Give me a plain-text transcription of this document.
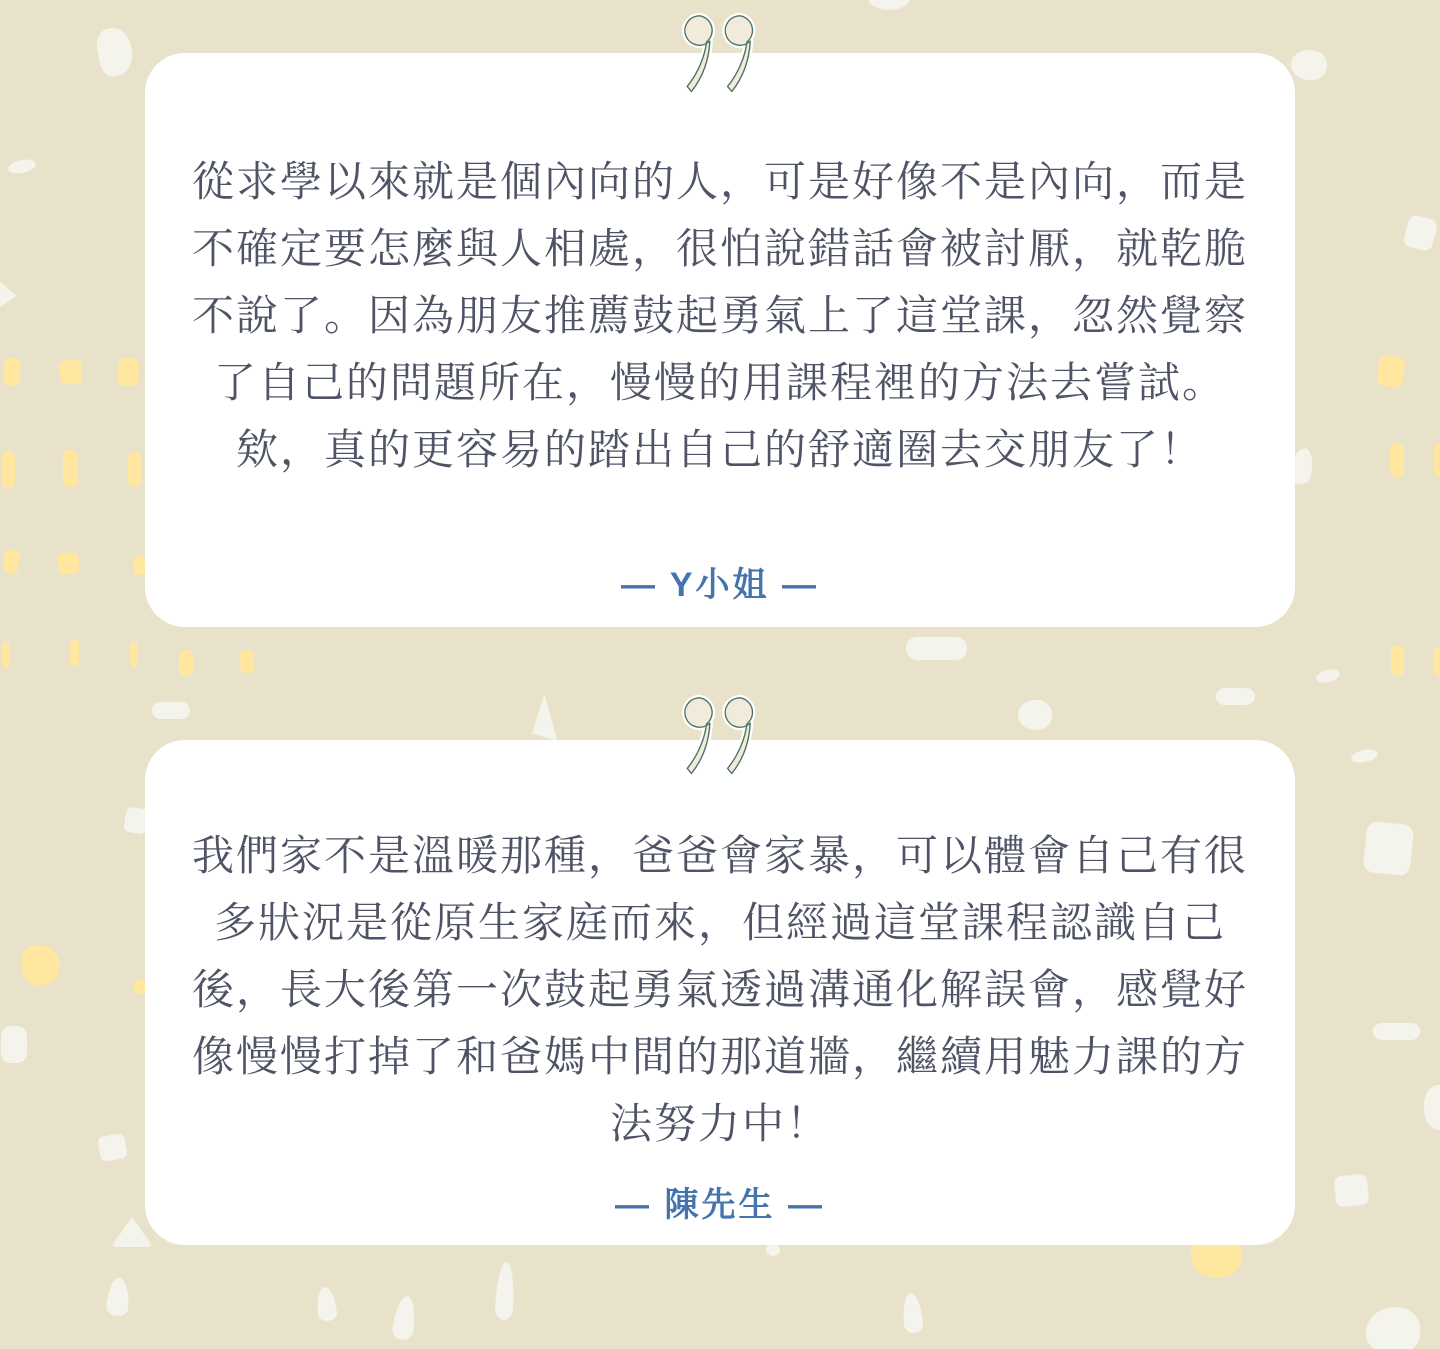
從求學以來就是個內向的人，可是好像不是內向，而是
不確定要怎麼與人相處，很怕說錯話會被討厭，就乾脆
不說了。因為朋友推薦鼓起勇氣上了這堂課，忽然覺察
了自己的問題所在，慢慢的用課程裡的方法去嘗試。
欸，真的更容易的踏出自己的舒適圈去交朋友了！
— Y小姐 —
我們家不是溫暖那種，爸爸會家暴，可以體會自己有很
多狀況是從原生家庭而來，但經過這堂課程認識自己
後，長大後第一次鼓起勇氣透過溝通化解誤會，感覺好
像慢慢打掉了和爸媽中間的那道牆，繼續用魅力課的方
法努力中！
— 陳先生 —
